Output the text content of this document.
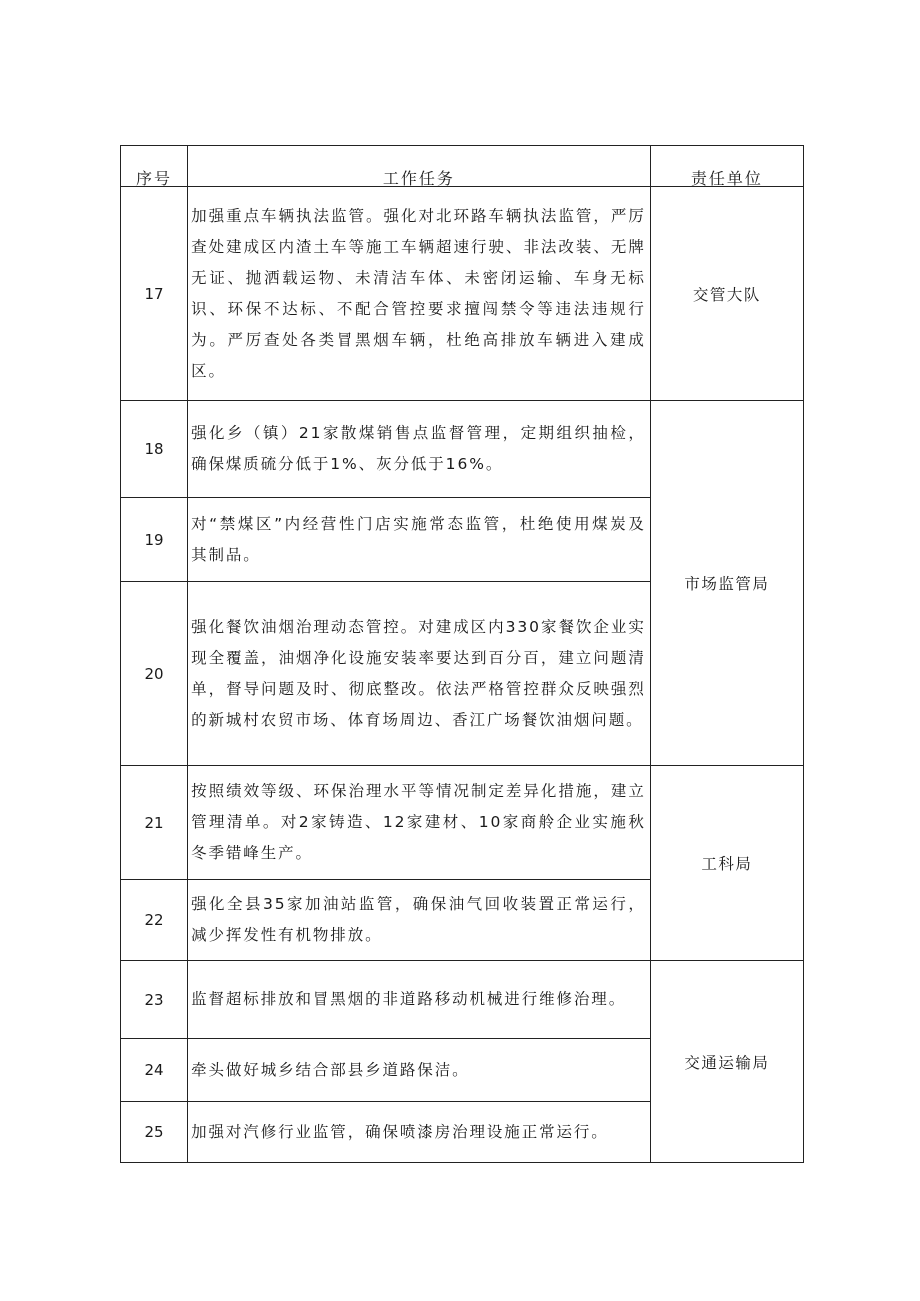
序号	工作任务	责任单位
17	加强重点车辆执法监管。强化对北环路车辆执法监管，严厉查处建成区内渣土车等施工车辆超速行驶、非法改装、无牌无证、抛洒载运物、未清洁车体、未密闭运输、车身无标识、环保不达标、不配合管控要求擅闯禁令等违法违规行为。严厉查处各类冒黑烟车辆，杜绝高排放车辆进入建成区。	交管大队
18	强化乡（镇）21家散煤销售点监督管理，定期组织抽检，确保煤质硫分低于1%、灰分低于16%。	市场监管局
19	对“禁煤区”内经营性门店实施常态监管，杜绝使用煤炭及其制品。	
20	强化餐饮油烟治理动态管控。对建成区内330家餐饮企业实现全覆盖，油烟净化设施安装率要达到百分百，建立问题清单，督导问题及时、彻底整改。依法严格管控群众反映强烈的新城村农贸市场、体育场周边、香江广场餐饮油烟问题。	
21	按照绩效等级、环保治理水平等情况制定差异化措施，建立管理清单。对2家铸造、12家建材、10家商舲企业实施秋冬季错峰生产。	工科局
22	强化全县35家加油站监管，确保油气回收装置正常运行，减少挥发性有机物排放。	
23	监督超标排放和冒黑烟的非道路移动机械进行维修治理。	交通运输局
24	牵头做好城乡结合部县乡道路保洁。	
25	加强对汽修行业监管，确保喷漆房治理设施正常运行。	
